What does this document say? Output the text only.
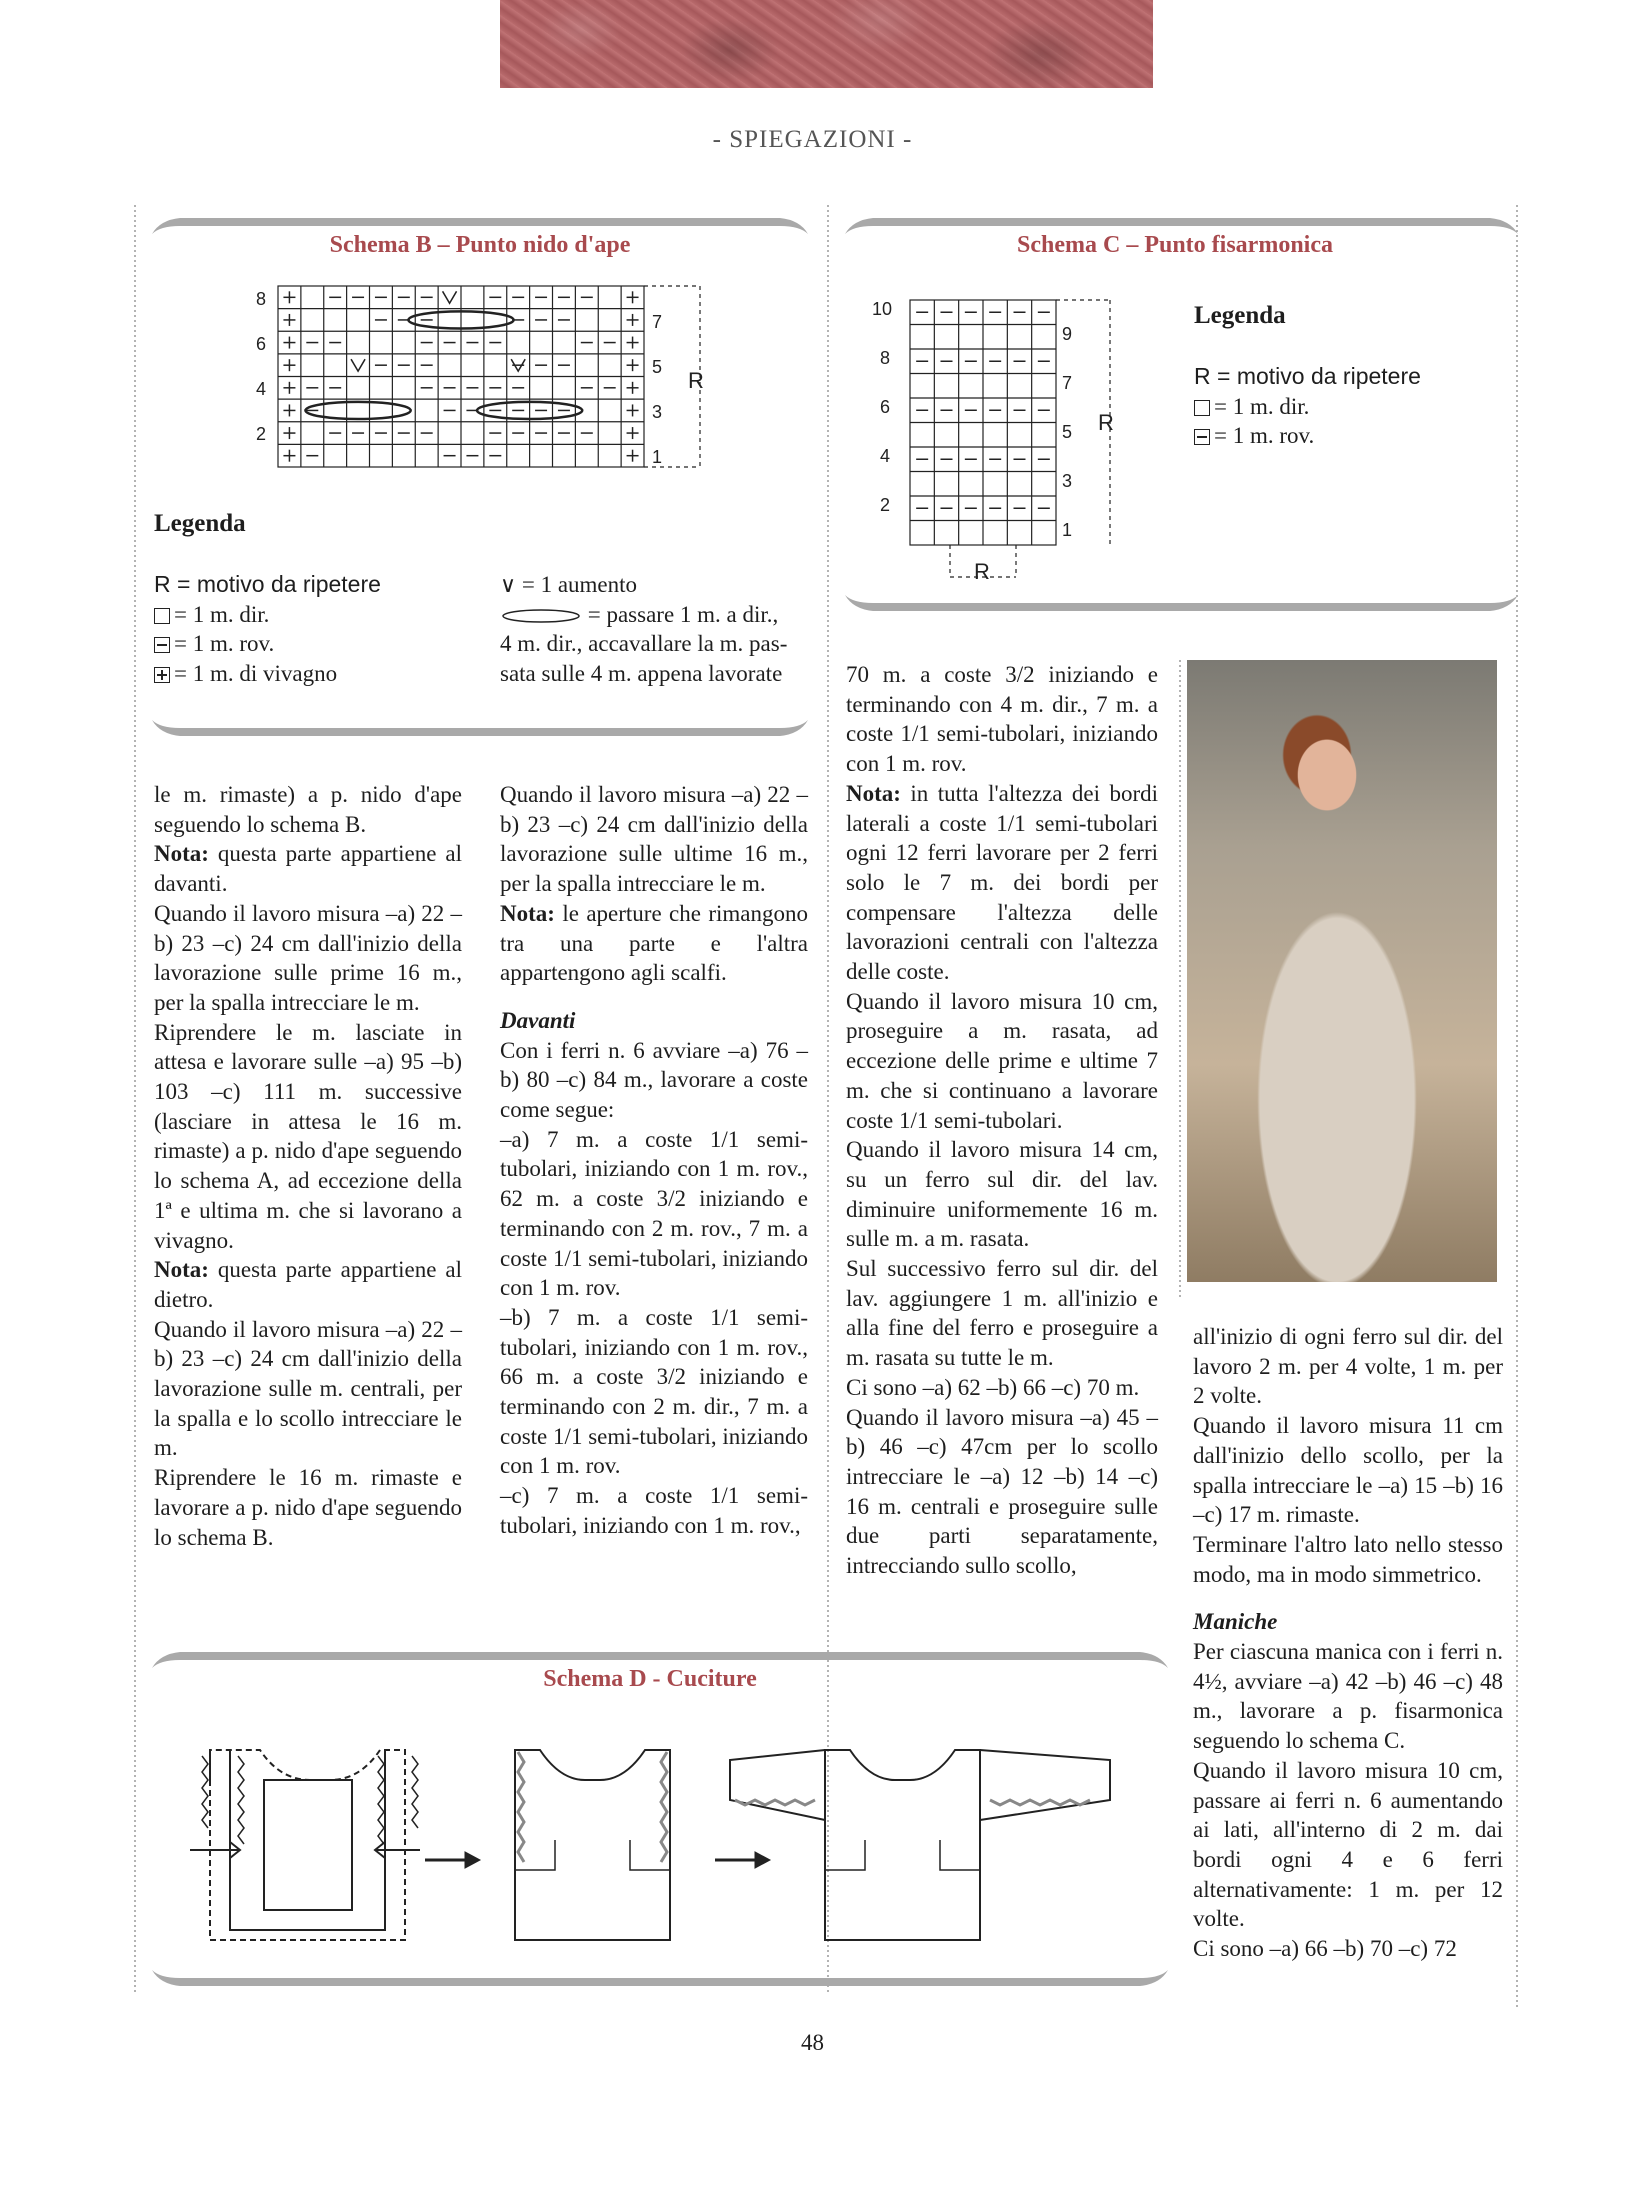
- SPIEGAZIONI -
Schema B – Punto nido d'ape
8
6
4
2
7
5
3
1
R
Legenda
R = motivo da ripetere
= 1 m. dir.
= 1 m. rov.
= 1 m. di vivagno
∨ = 1 aumento
= passare 1 m. a dir.,
4 m. dir., accavallare la m. pas-
sata sulle 4 m. appena lavorate
Schema C – Punto fisarmonica
10
8
6
4
2
9
7
5
3
1
R
R
Legenda
R = motivo da ripetere
= 1 m. dir.
= 1 m. rov.

le m. rimaste) a p. nido d'ape seguendo lo schema B.

Nota: questa parte appartiene al davanti.

Quando il lavoro misura –a) 22 –b) 23 –c) 24 cm dall'inizio della lavorazione sulle prime 16 m., per la spalla intrecciare le m.

Riprendere le m. lasciate in attesa e lavorare sulle –a) 95 –b) 103 –c) 111 m. successive (lasciare in attesa le 16 m. rimaste) a p. nido d'ape seguendo lo schema A, ad eccezione della 1ª e ultima m. che si lavorano a vivagno.

Nota: questa parte appartiene al dietro.

Quando il lavoro misura –a) 22 –b) 23 –c) 24 cm dall'inizio della lavorazione sulle m. centrali, per la spalla e lo scollo intrecciare le m.

Riprendere le 16 m. rimaste e lavorare a p. nido d'ape seguendo lo schema B.

Quando il lavoro misura –a) 22 –b) 23 –c) 24 cm dall'inizio della lavorazione sulle ultime 16 m., per la spalla intrecciare le m.

Nota: le aperture che rimangono tra una parte e l'altra appartengono agli scalfi.

Davanti

Con i ferri n. 6 avviare –a) 76 –b) 80 –c) 84 m., lavorare a coste come segue:

–a) 7 m. a coste 1/1 semi-tubolari, iniziando con 1 m. rov., 62 m. a coste 3/2 iniziando e terminando con 2 m. rov., 7 m. a coste 1/1 semi-tubolari, iniziando con 1 m. rov.

–b) 7 m. a coste 1/1 semi-tubolari, iniziando con 1 m. rov., 66 m. a coste 3/2 iniziando e terminando con 2 m. dir., 7 m. a coste 1/1 semi-tubolari, iniziando con 1 m. rov.

–c) 7 m. a coste 1/1 semi-tubolari, iniziando con 1 m. rov.,

70 m. a coste 3/2 iniziando e terminando con 4 m. dir., 7 m. a coste 1/1 semi-tubolari, iniziando con 1 m. rov.

Nota: in tutta l'altezza dei bordi laterali a coste 1/1 semi-tubolari ogni 12 ferri lavorare per 2 ferri solo le 7 m. dei bordi per compensare l'altezza delle lavorazioni centrali con l'altezza delle coste.

Quando il lavoro misura 10 cm, proseguire a m. rasata, ad eccezione delle prime e ultime 7 m. che si continuano a lavorare coste 1/1 semi-tubolari.

Quando il lavoro misura 14 cm, su un ferro sul dir. del lav. diminuire uniformemente 16 m. sulle m. a m. rasata.

Sul successivo ferro sul dir. del lav. aggiungere 1 m. all'inizio e alla fine del ferro e proseguire a m. rasata su tutte le m.

Ci sono –a) 62 –b) 66 –c) 70 m.

Quando il lavoro misura –a) 45 –b) 46 –c) 47cm per lo scollo intrecciare le –a) 12 –b) 14 –c) 16 m. centrali e proseguire sulle due parti separatamente, intrecciando sullo scollo,

all'inizio di ogni ferro sul dir. del lavoro 2 m. per 4 volte, 1 m. per 2 volte.

Quando il lavoro misura 11 cm dall'inizio dello scollo, per la spalla intrecciare le –a) 15 –b) 16 –c) 17 m. rimaste.

Terminare l'altro lato nello stesso modo, ma in modo simmetrico.

Maniche

Per ciascuna manica con i ferri n. 4½, avviare –a) 42 –b) 46 –c) 48 m., lavorare a p. fisarmonica seguendo lo schema C.

Quando il lavoro misura 10 cm, passare ai ferri n. 6 aumentando ai lati, all'interno di 2 m. dai bordi ogni 4 e 6 ferri alternativamente: 1 m. per 12 volte.

Ci sono –a) 66 –b) 70 –c) 72

Schema D - Cuciture
48
